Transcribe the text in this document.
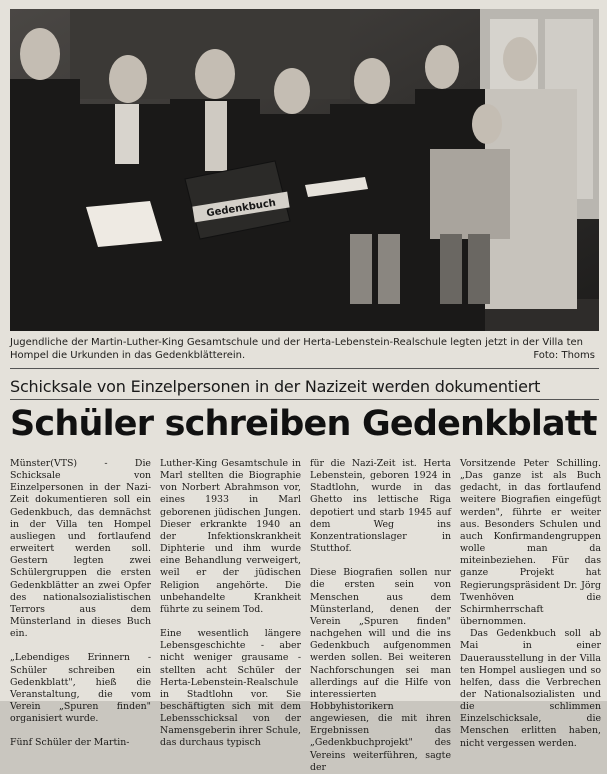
Gedenkbuch
Jugendliche der Martin-Luther-King Gesamtschule und der Herta-Lebenstein-Realschule legten jetzt in der Villa ten Hompel die Urkunden in das Gedenkblätterein.	Foto: Thoms
Schicksale von Einzelpersonen in der Nazizeit werden dokumentiert
Schüler schreiben Gedenkblatt

Münster(VTS) - Die Schicksale von Einzelpersonen in der Nazi-Zeit dokumentieren soll ein Gedenkbuch, das demnächst in der Villa ten Hompel ausliegen und fortlaufend erweitert werden soll. Gestern legten zwei Schülergruppen die ersten Gedenkblätter an zwei Opfer des nationalsozialistischen Terrors aus dem Münsterland in dieses Buch ein.

„Lebendiges Erinnern - Schüler schreiben ein Gedenkblatt", hieß die Veranstaltung, die vom Verein „Spuren finden" organisiert wurde.

Fünf Schüler der Martin-

Luther-King Gesamtschule in Marl stellten die Biographie von Norbert Abrahmson vor, eines 1933 in Marl geborenen jüdischen Jungen. Dieser erkrankte 1940 an der Infektionskrankheit Diphterie und ihm wurde eine Behandlung verweigert, weil er der jüdischen Religion angehörte. Die unbehandelte Krankheit führte zu seinem Tod.

Eine wesentlich längere Lebensgeschichte - aber nicht weniger grausame - stellten acht Schüler der Herta-Lebenstein-Realschule in Stadtlohn vor. Sie beschäftigten sich mit dem Lebensschicksal von der Namensgeberin ihrer Schule, das durchaus typisch

für die Nazi-Zeit ist. Herta Lebenstein, geboren 1924 in Stadtlohn, wurde in das Ghetto ins lettische Riga depotiert und starb 1945 auf dem Weg ins Konzentrationslager in Stutthof.

Diese Biografien sollen nur die ersten sein von Menschen aus dem Münsterland, denen der Verein „Spuren finden" nachgehen will und die ins Gedenkbuch aufgenommen werden sollen. Bei weiteren Nachforschungen sei man allerdings auf die Hilfe von interessierten Hobbyhistorikern angewiesen, die mit ihren Ergebnissen das „Gedenkbuchprojekt" des Vereins weiterführen, sagte der

Vorsitzende Peter Schilling. „Das ganze ist als Buch gedacht, in das fortlaufend weitere Biografien eingefügt werden", führte er weiter aus. Besonders Schulen und auch Konfirmandengruppen wolle man da miteinbeziehen. Für das ganze Projekt hat Regierungspräsident Dr. Jörg Twenhöven die Schirmherrschaft übernommen.

Das Gedenkbuch soll ab Mai in einer Dauerausstellung in der Villa ten Hompel ausliegen und so helfen, dass die Verbrechen der Nationalsozialisten und die schlimmen Einzelschicksale, die Menschen erlitten haben, nicht vergessen werden.
